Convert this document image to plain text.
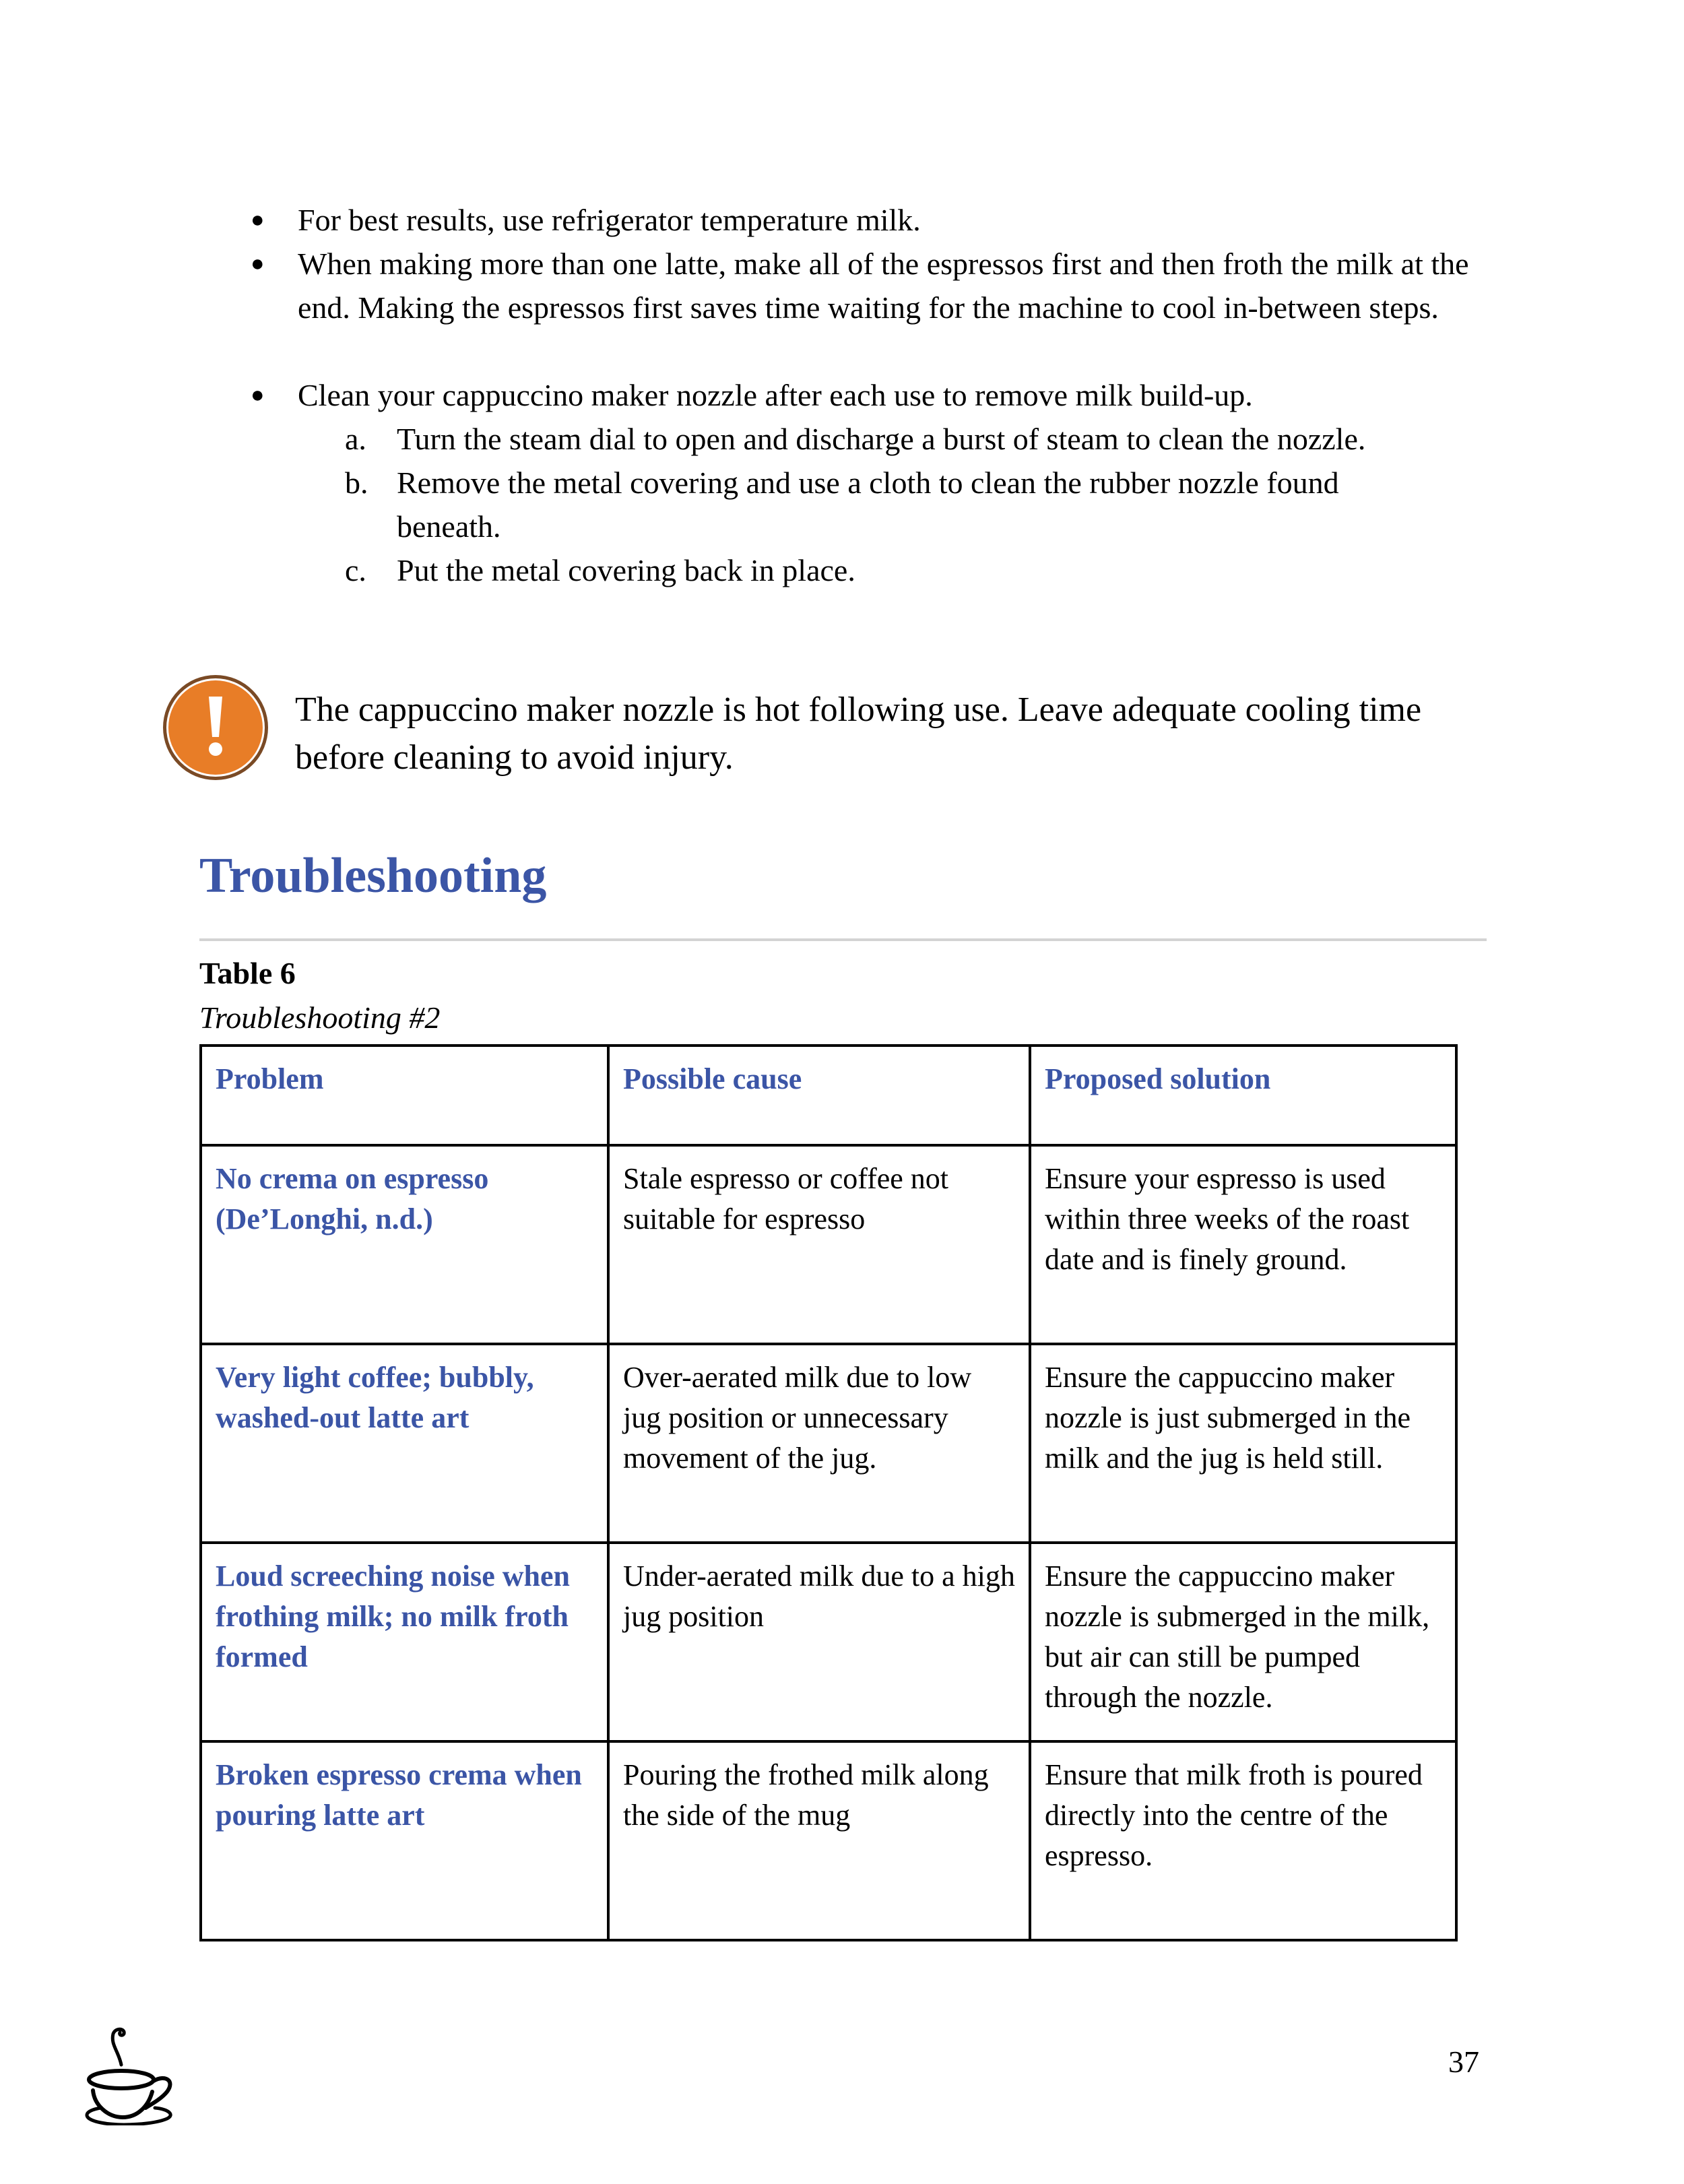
● For best results, use refrigerator temperature milk.
● When making more than one latte, make all of the espressos first and then froth the milk at the end. Making the espressos first saves time waiting for the machine to cool in-between steps.
● Clean your cappuccino maker nozzle after each use to remove milk build-up.
a. Turn the steam dial to open and discharge a burst of steam to clean the nozzle.
b. Remove the metal covering and use a cloth to clean the rubber nozzle found beneath.
c. Put the metal covering back in place.
The cappuccino maker nozzle is hot following use. Leave adequate cooling time before cleaning to avoid injury.
Troubleshooting
Table 6
Troubleshooting #2
Problem	Possible cause	Proposed solution
No crema on espresso (De’Longhi, n.d.)	Stale espresso or coffee not suitable for espresso	Ensure your espresso is used within three weeks of the roast date and is finely ground.
Very light coffee; bubbly, washed-out latte art	Over-aerated milk due to low jug position or unnecessary movement of the jug.	Ensure the cappuccino maker nozzle is just submerged in the milk and the jug is held still.
Loud screeching noise when frothing milk; no milk froth formed	Under-aerated milk due to a high jug position	Ensure the cappuccino maker nozzle is submerged in the milk, but air can still be pumped through the nozzle.
Broken espresso crema when pouring latte art	Pouring the frothed milk along the side of the mug	Ensure that milk froth is poured directly into the centre of the espresso.
37
